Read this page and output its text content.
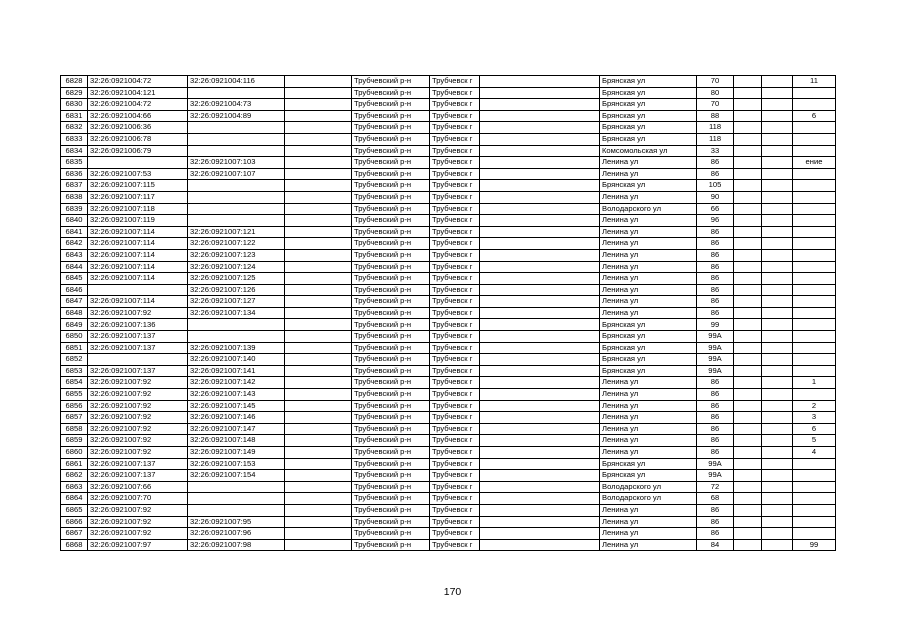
6828	32:26:0921004:72	32:26:0921004:116		Трубчевский р-н	Трубчевск г		Брянская ул	70			11
6829	32:26:0921004:121			Трубчевский р-н	Трубчевск г		Брянская ул	80			
6830	32:26:0921004:72	32:26:0921004:73		Трубчевский р-н	Трубчевск г		Брянская ул	70			
6831	32:26:0921004:66	32:26:0921004:89		Трубчевский р-н	Трубчевск г		Брянская ул	88			6
6832	32:26:0921006:36			Трубчевский р-н	Трубчевск г		Брянская ул	118			
6833	32:26:0921006:78			Трубчевский р-н	Трубчевск г		Брянская ул	118			
6834	32:26:0921006:79			Трубчевский р-н	Трубчевск г		Комсомольская ул	33			
6835		32:26:0921007:103		Трубчевский р-н	Трубчевск г		Ленина ул	86			ение
6836	32:26:0921007:53	32:26:0921007:107		Трубчевский р-н	Трубчевск г		Ленина ул	86			
6837	32:26:0921007:115			Трубчевский р-н	Трубчевск г		Брянская ул	105			
6838	32:26:0921007:117			Трубчевский р-н	Трубчевск г		Ленина ул	90			
6839	32:26:0921007:118			Трубчевский р-н	Трубчевск г		Володарского ул	66			
6840	32:26:0921007:119			Трубчевский р-н	Трубчевск г		Ленина ул	96			
6841	32:26:0921007:114	32:26:0921007:121		Трубчевский р-н	Трубчевск г		Ленина ул	86			
6842	32:26:0921007:114	32:26:0921007:122		Трубчевский р-н	Трубчевск г		Ленина ул	86			
6843	32:26:0921007:114	32:26:0921007:123		Трубчевский р-н	Трубчевск г		Ленина ул	86			
6844	32:26:0921007:114	32:26:0921007:124		Трубчевский р-н	Трубчевск г		Ленина ул	86			
6845	32:26:0921007:114	32:26:0921007:125		Трубчевский р-н	Трубчевск г		Ленина ул	86			
6846		32:26:0921007:126		Трубчевский р-н	Трубчевск г		Ленина ул	86			
6847	32:26:0921007:114	32:26:0921007:127		Трубчевский р-н	Трубчевск г		Ленина ул	86			
6848	32:26:0921007:92	32:26:0921007:134		Трубчевский р-н	Трубчевск г		Ленина ул	86			
6849	32:26:0921007:136			Трубчевский р-н	Трубчевск г		Брянская ул	99			
6850	32:26:0921007:137			Трубчевский р-н	Трубчевск г		Брянская ул	99А			
6851	32:26:0921007:137	32:26:0921007:139		Трубчевский р-н	Трубчевск г		Брянская ул	99А			
6852		32:26:0921007:140		Трубчевский р-н	Трубчевск г		Брянская ул	99А			
6853	32:26:0921007:137	32:26:0921007:141		Трубчевский р-н	Трубчевск г		Брянская ул	99А			
6854	32:26:0921007:92	32:26:0921007:142		Трубчевский р-н	Трубчевск г		Ленина ул	86			1
6855	32:26:0921007:92	32:26:0921007:143		Трубчевский р-н	Трубчевск г		Ленина ул	86			
6856	32:26:0921007:92	32:26:0921007:145		Трубчевский р-н	Трубчевск г		Ленина ул	86			2
6857	32:26:0921007:92	32:26:0921007:146		Трубчевский р-н	Трубчевск г		Ленина ул	86			3
6858	32:26:0921007:92	32:26:0921007:147		Трубчевский р-н	Трубчевск г		Ленина ул	86			6
6859	32:26:0921007:92	32:26:0921007:148		Трубчевский р-н	Трубчевск г		Ленина ул	86			5
6860	32:26:0921007:92	32:26:0921007:149		Трубчевский р-н	Трубчевск г		Ленина ул	86			4
6861	32:26:0921007:137	32:26:0921007:153		Трубчевский р-н	Трубчевск г		Брянская ул	99А			
6862	32:26:0921007:137	32:26:0921007:154		Трубчевский р-н	Трубчевск г		Брянская ул	99А			
6863	32:26:0921007:66			Трубчевский р-н	Трубчевск г		Володарского ул	72			
6864	32:26:0921007:70			Трубчевский р-н	Трубчевск г		Володарского ул	68			
6865	32:26:0921007:92			Трубчевский р-н	Трубчевск г		Ленина ул	86			
6866	32:26:0921007:92	32:26:0921007:95		Трубчевский р-н	Трубчевск г		Ленина ул	86			
6867	32:26:0921007:92	32:26:0921007:96		Трубчевский р-н	Трубчевск г		Ленина ул	86			
6868	32:26:0921007:97	32:26:0921007:98		Трубчевский р-н	Трубчевск г		Ленина ул	84			99
170
